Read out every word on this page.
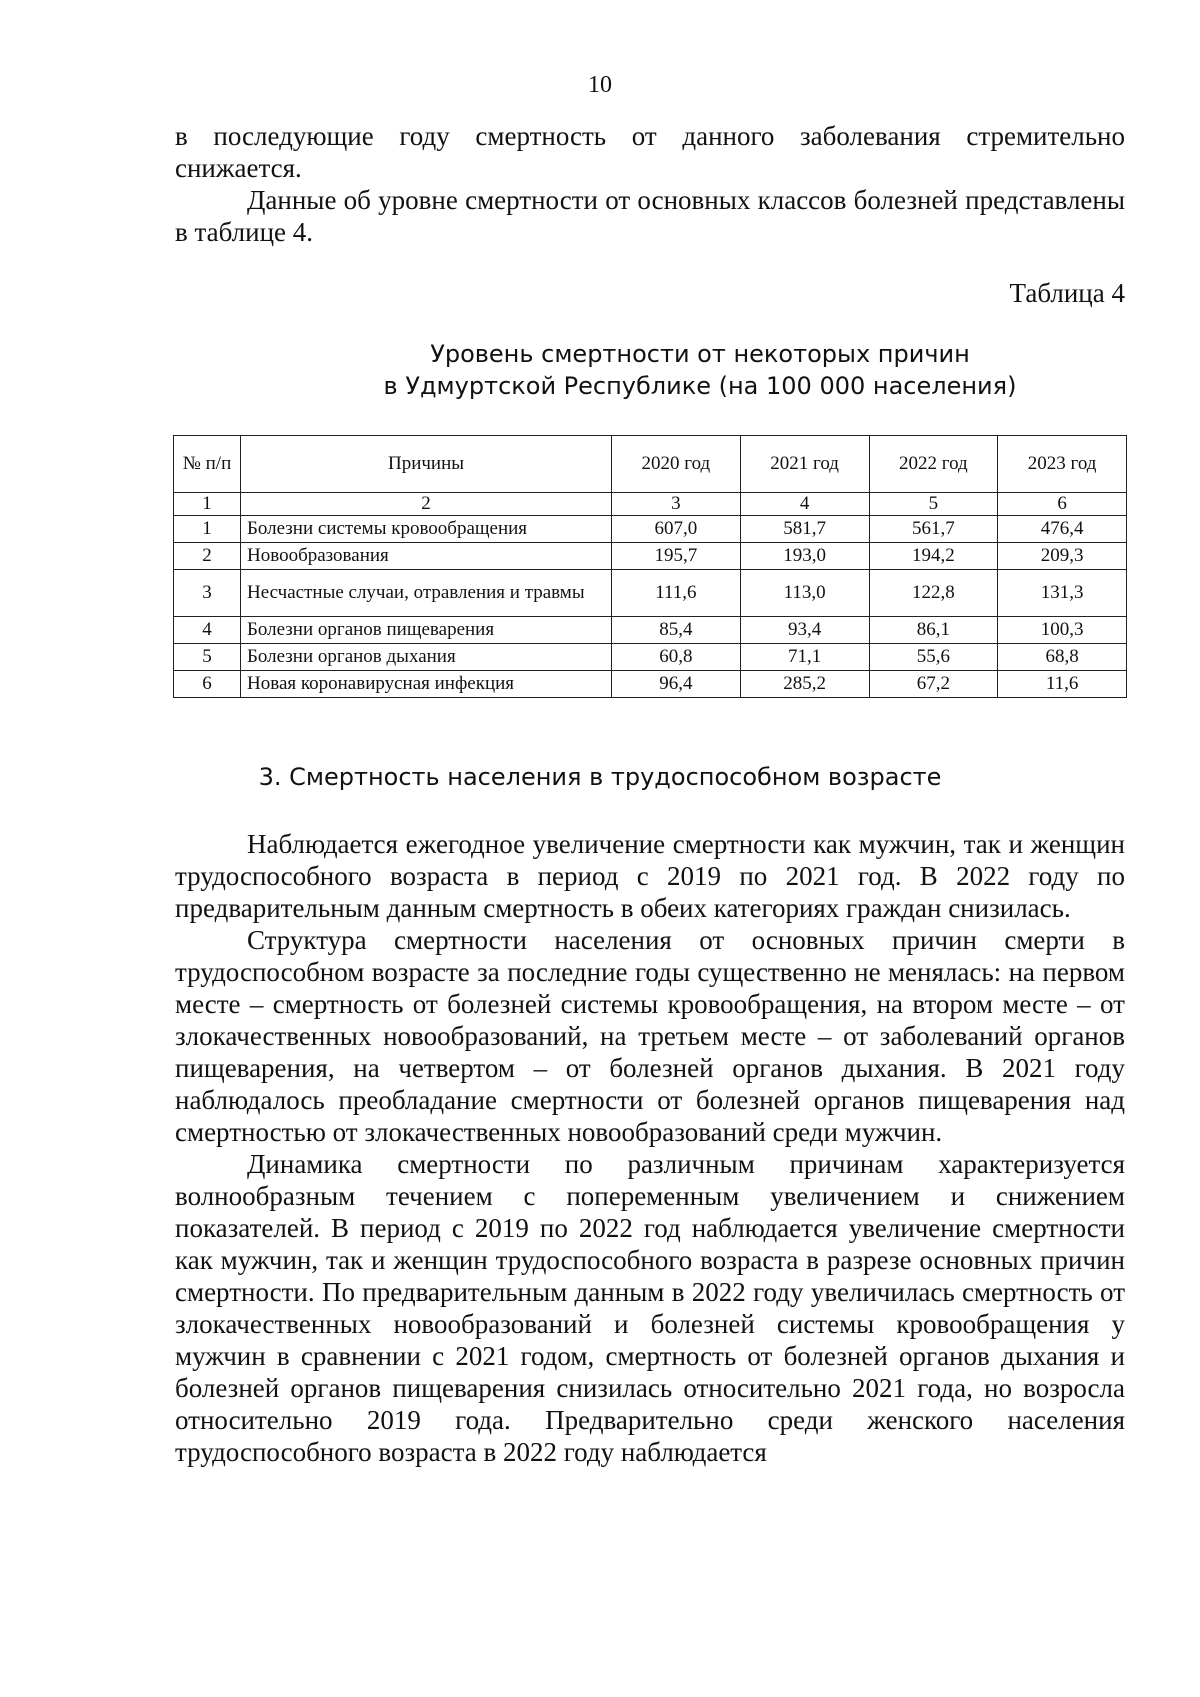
10

в последующие году смертность от данного заболевания стремительно снижается.

Данные об уровне смертности от основных классов болезней представлены в таблице 4.

Таблица 4
Уровень смертности от некоторых причин
в Удмуртской Республике (на 100 000 населения)
№ п/п	Причины	2020 год	2021 год	2022 год	2023 год
1	2	3	4	5	6
1	Болезни системы кровообращения	607,0	581,7	561,7	476,4
2	Новообразования	195,7	193,0	194,2	209,3
3	Несчастные случаи, отравления и травмы	111,6	113,0	122,8	131,3
4	Болезни органов пищеварения	85,4	93,4	86,1	100,3
5	Болезни органов дыхания	60,8	71,1	55,6	68,8
6	Новая коронавирусная инфекция	96,4	285,2	67,2	11,6
3. Смертность населения в трудоспособном возрасте

Наблюдается ежегодное увеличение смертности как мужчин, так и женщин трудоспособного возраста в период с 2019 по 2021 год. В 2022 году по предварительным данным смертность в обеих категориях граждан снизилась.

Структура смертности населения от основных причин смерти в трудоспособном возрасте за последние годы существенно не менялась: на первом месте – смертность от болезней системы кровообращения, на втором месте – от злокачественных новообразований, на третьем месте – от заболеваний органов пищеварения, на четвертом – от болезней органов дыхания. В 2021 году наблюдалось преобладание смертности от болезней органов пищеварения над смертностью от злокачественных новообразований среди мужчин.

Динамика смертности по различным причинам характеризуется волнообразным течением с попеременным увеличением и снижением показателей. В период с 2019 по 2022 год наблюдается увеличение смертности как мужчин, так и женщин трудоспособного возраста в разрезе основных причин смертности. По предварительным данным в 2022 году увеличилась смертность от злокачественных новообразований и болезней системы кровообращения у мужчин в сравнении с 2021 годом, смертность от болезней органов дыхания и болезней органов пищеварения снизилась относительно 2021 года, но возросла относительно 2019 года. Предварительно среди женского населения трудоспособного возраста в 2022 году наблюдается
